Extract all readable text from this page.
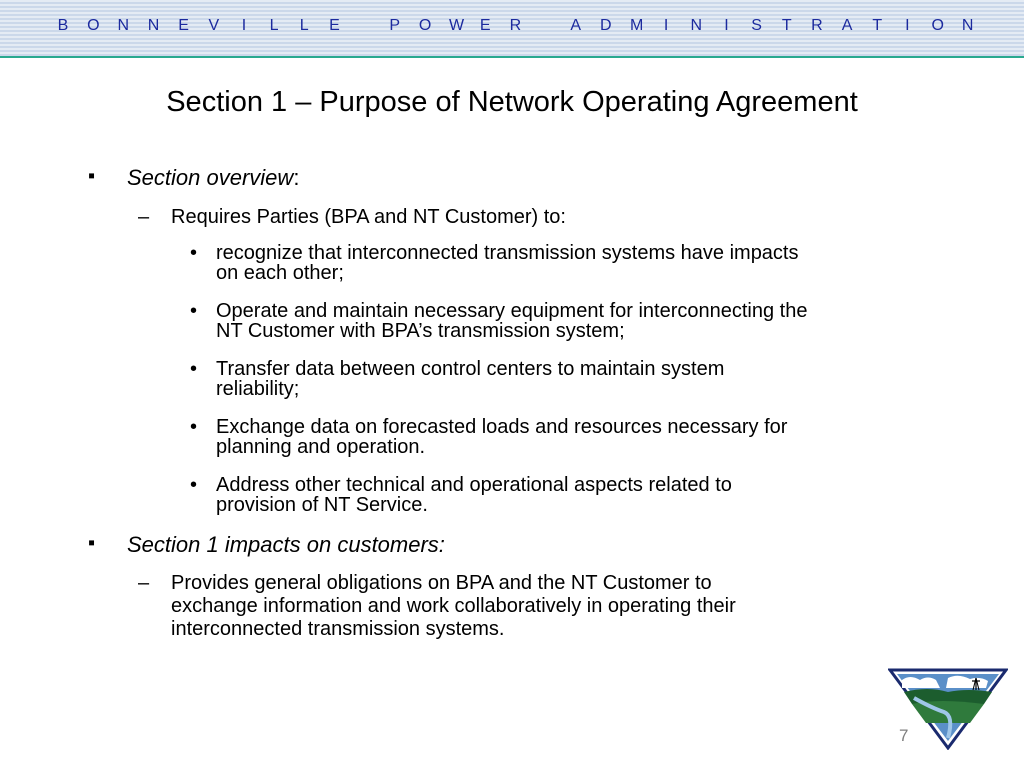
B O N N E V I L L E	P O W E R	A D M I N I S T R A T I O N
Section 1 – Purpose of Network Operating Agreement
▪ Section overview:
– Requires Parties (BPA and NT Customer) to:
• recognize that interconnected transmission systems have impacts
on each other;
• Operate and maintain necessary equipment for interconnecting the
NT Customer with BPA’s transmission system;
• Transfer data between control centers to maintain system
reliability;
• Exchange data on forecasted loads and resources necessary for
planning and operation.
• Address other technical and operational aspects related to
provision of NT Service.
▪ Section 1 impacts on customers:
– Provides general obligations on BPA and the NT Customer to
exchange information and work collaboratively in operating their
interconnected transmission systems.
7
